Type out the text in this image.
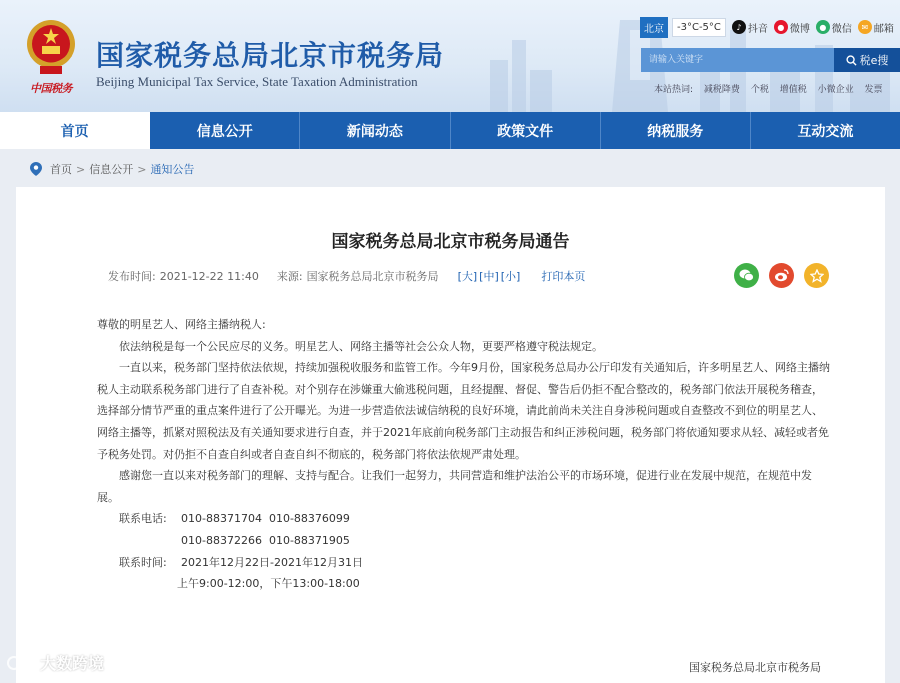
中国税务
国家税务总局北京市税务局
Beijing Municipal Tax Service, State Taxation Administration
北京	-3°C-5°C	♪ 抖音	● 微博	● 微信	✉ 邮箱
请输入关键字
税e搜
本站热词: 减税降费 个税 增值税 小微企业 发票
首页	信息公开	新闻动态	政策文件	纳税服务	互动交流
首页 > 信息公开 > 通知公告
国家税务总局北京市税务局通告
发布时间: 2021-12-22 11:40 来源: 国家税务总局北京市税务局 [大] [中] [小] 打印本页

尊敬的明星艺人、网络主播纳税人:

依法纳税是每一个公民应尽的义务。明星艺人、网络主播等社会公众人物，更要严格遵守税法规定。

一直以来，税务部门坚持依法依规，持续加强税收服务和监管工作。今年9月份，国家税务总局办公厅印发有关通知后，许多明星艺人、网络主播纳税人主动联系税务部门进行了自查补税。对个别存在涉嫌重大偷逃税问题，且经提醒、督促、警告后仍拒不配合整改的，税务部门依法开展税务稽查，选择部分情节严重的重点案件进行了公开曝光。为进一步营造依法诚信纳税的良好环境，请此前尚未关注自身涉税问题或自查整改不到位的明星艺人、网络主播等，抓紧对照税法及有关通知要求进行自查，并于2021年底前向税务部门主动报告和纠正涉税问题，税务部门将依通知要求从轻、减轻或者免予税务处罚。对仍拒不自查自纠或者自查自纠不彻底的，税务部门将依法依规严肃处理。

感谢您一直以来对税务部门的理解、支持与配合。让我们一起努力，共同营造和维护法治公平的市场环境，促进行业在发展中规范，在规范中发展。

联系电话:	010-88371704  010-88376099
010-88372266  010-88371905
联系时间:	2021年12月22日-2021年12月31日
上午9:00-12:00，下午13:00-18:00
国家税务总局北京市税务局
大数跨境
